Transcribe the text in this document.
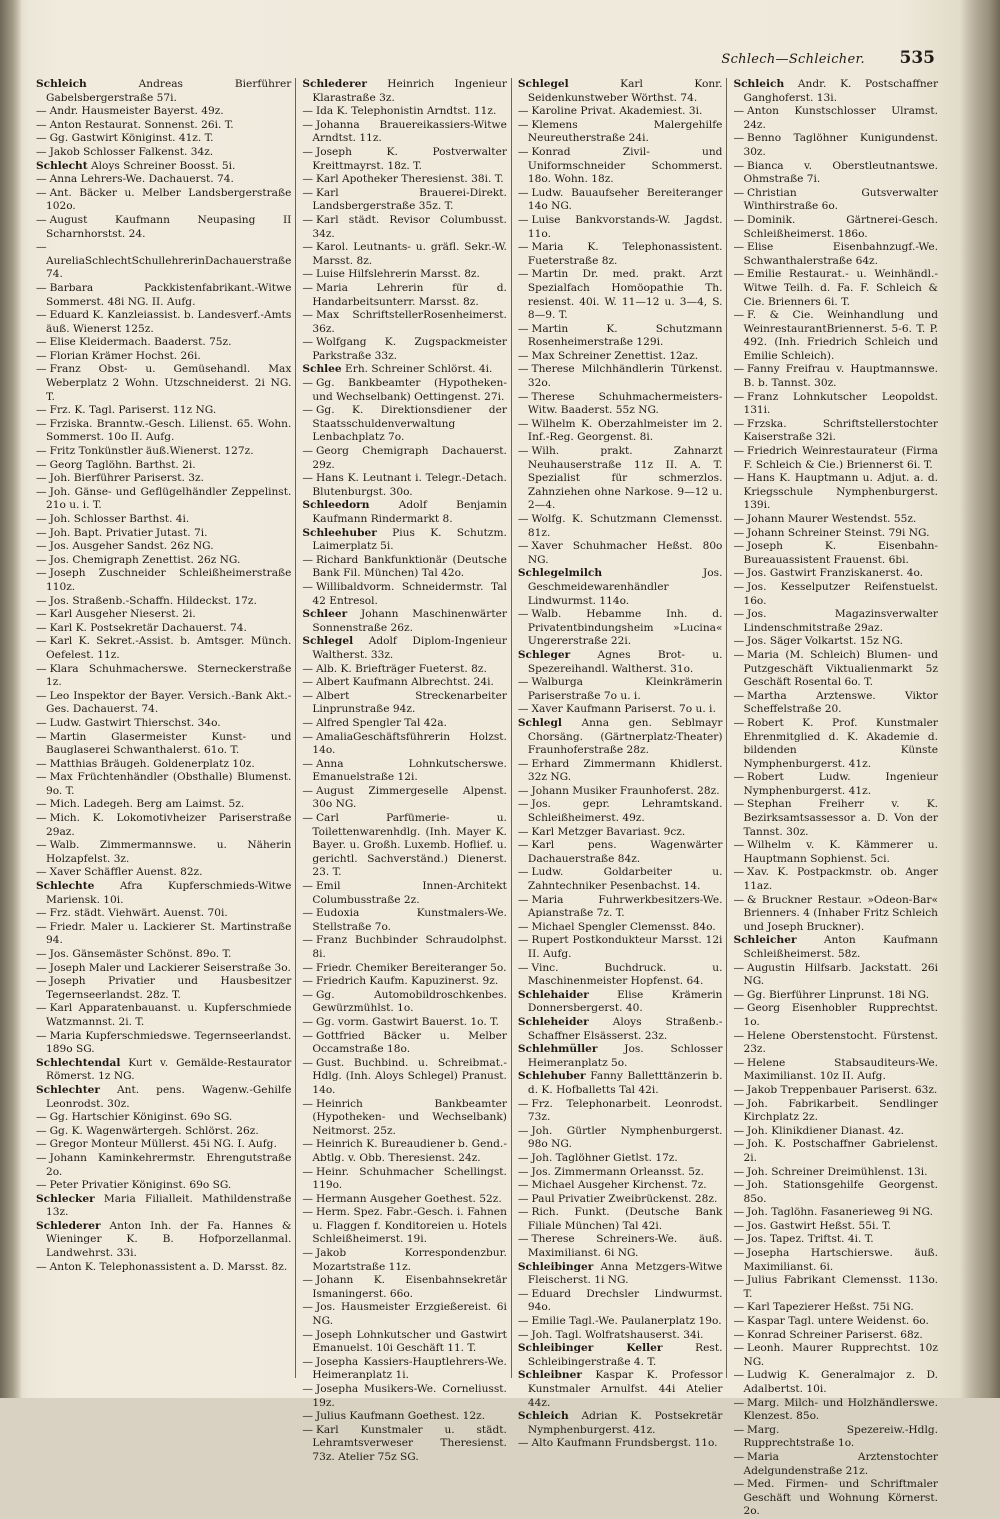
Schlech—Schleicher. 535

Schleich	Andreas Bierführer Gabelsbergerstraße 57i.

— Andr. Hausmeister Bayerst. 49z.

— Anton Restaurat. Sonnenst. 26i. T.

— Gg. Gastwirt Königinst. 41z. T.

— Jakob Schlosser Falkenst. 34z.

Schlecht Aloys Schreiner Boosst. 5i.

— Anna Lehrers-We. Dachauerst. 74.

— Ant. Bäcker u. Melber Landsbergerstraße 102o.

— August Kaufmann Neupasing II Scharnhorstst. 24.

—AureliaSchlechtSchullehrerinDachauerstraße 74.

— Barbara Packkistenfabrikant.-Witwe Sommerst. 48i NG. II. Aufg.

— Eduard K. Kanzleiassist. b. Landesverf.-Amts äuß. Wienerst 125z.

— Elise Kleidermach. Baaderst. 75z.

— Florian Krämer Hochst. 26i.

— Franz Obst- u. Gemüsehandl. Max Weberplatz 2 Wohn. Utzschneiderst. 2i NG. T.

— Frz. K. Tagl. Pariserst. 11z NG.

— Frziska. Branntw.-Gesch. Lilienst. 65. Wohn. Sommerst. 10o II. Aufg.

— Fritz Tonkünstler äuß.Wienerst. 127z.

— Georg Taglöhn. Barthst. 2i.

— Joh. Bierführer Pariserst. 3z.

— Joh. Gänse- und Geflügelhändler Zeppelinst. 21o u. i. T.

— Joh. Schlosser Barthst. 4i.

— Joh. Bapt. Privatier Jutast. 7i.

— Jos. Ausgeher Sandst. 26z NG.

— Jos. Chemigraph Zenettist. 26z NG.

— Joseph Zuschneider Schleißheimerstraße 110z.

— Jos. Straßenb.-Schaffn. Hildeckst. 17z.

— Karl Ausgeher Nieserst. 2i.

— Karl K. Postsekretär Dachauerst. 74.

— Karl K. Sekret.-Assist. b. Amtsger. Münch. Oefelest. 11z.

— Klara Schuhmacherswe. Sterneckerstraße 1z.

— Leo Inspektor der Bayer. Versich.-Bank Akt.-Ges. Dachauerst. 74.

— Ludw. Gastwirt Thierschst. 34o.

— Martin Glasermeister Kunst- und Bauglaserei Schwanthalerst. 61o. T.

— Matthias Bräugeh. Goldenerplatz 10z.

— Max Früchtenhändler (Obsthalle) Blumenst. 9o. T.

— Mich. Ladegeh. Berg am Laimst. 5z.

— Mich. K. Lokomotivheizer Pariserstraße 29az.

— Walb. Zimmermannswe. u. Näherin Holzapfelst. 3z.

— Xaver Schäffler Auenst. 82z.

Schlechte Afra Kupferschmieds-Witwe Mariensk. 10i.

— Frz. städt. Viehwärt. Auenst. 70i.

— Friedr. Maler u. Lackierer St. Martinstraße 94.

— Jos. Gänsemäster Schönst. 89o. T.

— Joseph Maler und Lackierer Seiserstraße 3o.

— Joseph Privatier und Hausbesitzer Tegernseerlandst. 28z. T.

— Karl Apparatenbauanst. u. Kupferschmiede Watzmannst. 2i. T.

— Maria Kupferschmiedswe. Tegernseerlandst. 189o SG.

Schlechtendal Kurt v. Gemälde-Restaurator Römerst. 1z NG.

Schlechter Ant. pens. Wagenw.-Gehilfe Leonrodst. 30z.

— Gg. Hartschier Königinst. 69o SG.

— Gg. K. Wagenwärtergeh. Schlörst. 26z.

— Gregor Monteur Müllerst. 45i NG. I. Aufg.

— Johann Kaminkehrermstr. Ehrengutstraße 2o.

— Peter Privatier Königinst. 69o SG.

Schlecker Maria Filialleit. Mathildenstraße 13z.

Schlederer Anton Inh. der Fa. Hannes & Wieninger K. B. Hofporzellanmal. Landwehrst. 33i.

— Anton K. Telephonassistent a. D. Marsst. 8z.

Schlederer Heinrich Ingenieur Klarastraße 3z.

— Ida K. Telephonistin Arndtst. 11z.

— Johanna Brauereikassiers-Witwe Arndtst. 11z.

— Joseph K. Postverwalter Kreittmayrst. 18z. T.

— Karl Apotheker Theresienst. 38i. T.

— Karl Brauerei-Direkt. Landsbergerstraße 35z. T.

— Karl städt. Revisor Columbusst. 34z.

— Karol. Leutnants- u. gräfl. Sekr.-W. Marsst. 8z.

— Luise Hilfslehrerin Marsst. 8z.

— Maria Lehrerin für d. Handarbeitsunterr. Marsst. 8z.

— Max SchriftstellerRosenheimerst. 36z.

— Wolfgang K. Zugspackmeister Parkstraße 33z.

Schlee Erh. Schreiner Schlörst. 4i.

— Gg. Bankbeamter (Hypotheken- und Wechselbank) Oettingenst. 27i.

— Gg. K. Direktionsdiener der Staatsschuldenverwaltung Lenbachplatz 7o.

— Georg Chemigraph Dachauerst. 29z.

— Hans K. Leutnant i. Telegr.-Detach. Blutenburgst. 30o.

Schleedorn	Adolf Benjamin Kaufmann Rindermarkt 8.

Schleehuber Pius K. Schutzm. Laimerplatz 5i.

— Richard Bankfunktionär (Deutsche Bank Fil. München) Tal 42o.

— Willibaldvorm. Schneidermstr. Tal 42 Entresol.

Schleer Johann Maschinenwärter Sonnenstraße 26z.

Schlegel Adolf Diplom-Ingenieur Waltherst. 33z.

— Alb. K. Briefträger Fueterst. 8z.

— Albert Kaufmann Albrechtst. 24i.

— Albert Streckenarbeiter Linprunstraße 94z.

— Alfred Spengler Tal 42a.

— AmaliaGeschäftsführerin Holzst. 14o.

— Anna Lohnkutscherswe. Emanuelstraße 12i.

— August Zimmergeselle Alpenst. 30o NG.

— Carl Parfümerie- u. Toilettenwarenhdlg. (Inh. Mayer K. Bayer. u. Großh. Luxemb. Hoflief. u. gerichtl. Sachverständ.) Dienerst. 23. T.

— Emil Innen-Architekt Columbusstraße 2z.

— Eudoxia Kunstmalers-We. Stellstraße 7o.

— Franz Buchbinder Schraudolphst. 8i.

— Friedr. Chemiker Bereiteranger 5o.

— Friedrich Kaufm. Kapuzinerst. 9z.

— Gg. Automobildroschkenbes. Gewürzmühlst. 1o.

— Gg. vorm. Gastwirt Bauerst. 1o. T.

— Gottfried Bäcker u. Melber Occamstraße 18o.

— Gust. Buchbind. u. Schreibmat.-Hdlg. (Inh. Aloys Schlegel) Pranust. 14o.

— Heinrich Bankbeamter (Hypotheken- und Wechselbank) Neitmorst. 25z.

— Heinrich K. Bureaudiener b. Gend.-Abtlg. v. Obb. Theresienst. 24z.

— Heinr. Schuhmacher Schellingst. 119o.

— Hermann Ausgeher Goethest. 52z.

— Herm. Spez. Fabr.-Gesch. i. Fahnen u. Flaggen f. Konditoreien u. Hotels Schleißheimerst. 19i.

— Jakob Korrespondenzbur. Mozartstraße 11z.

— Johann K. Eisenbahnsekretär Ismaningerst. 66o.

— Jos. Hausmeister Erzgießereist. 6i NG.

— Joseph Lohnkutscher und Gastwirt Emanuelst. 10i Geschäft 11. T.

— Josepha Kassiers-Hauptlehrers-We. Heimeranplatz 1i.

— Josepha Musikers-We. Corneliusst. 19z.

— Julius Kaufmann Goethest. 12z.

— Karl Kunstmaler u. städt. Lehramtsverweser Theresienst. 73z. Atelier 75z SG.

Schlegel	Karl Konr. Seidenkunstweber Wörthst. 74.

— Karoline Privat. Akademiest. 3i.

— Klemens Malergehilfe Neureutherstraße 24i.

— Konrad Zivil- und Uniformschneider Schommerst. 18o. Wohn. 18z.

— Ludw. Bauaufseher Bereiteranger 14o NG.

— Luise Bankvorstands-W. Jagdst. 11o.

— Maria K. Telephonassistent. Fueterstraße 8z.

— Martin Dr. med. prakt. Arzt Spezialfach Homöopathie Th. resienst. 40i. W. 11—12 u. 3—4, S. 8—9. T.

— Martin K. Schutzmann Rosenheimerstraße 129i.

— Max Schreiner Zenettist. 12az.

— Therese Milchhändlerin Türkenst. 32o.

— Therese Schuhmachermeisters-Witw. Baaderst. 55z NG.

— Wilhelm K. Oberzahlmeister im 2. Inf.-Reg. Georgenst. 8i.

— Wilh. prakt. Zahnarzt Neuhauserstraße 11z II. A. T. Spezialist für schmerzlos. Zahnziehen ohne Narkose. 9—12 u. 2—4.

— Wolfg. K. Schutzmann Clemensst. 81z.

— Xaver Schuhmacher Heßst. 80o NG.

Schlegelmilch	Jos. Geschmeidewarenhändler Lindwurmst. 114o.

— Walb. Hebamme Inh. d. Privatentbindungsheim »Lucina« Ungererstraße 22i.

Schleger	Agnes Brot- u. Spezereihandl. Waltherst. 31o.

— Walburga Kleinkrämerin Pariserstraße 7o u. i.

— Xaver Kaufmann Pariserst. 7o u. i.

Schlegl Anna gen. Seblmayr Chorsäng. (Gärtnerplatz-Theater) Fraunhoferstraße 28z.

— Erhard Zimmermann Khidlerst. 32z NG.

— Johann Musiker Fraunhoferst. 28z.

— Jos. gepr. Lehramtskand. Schleißheimerst. 49z.

— Karl Metzger Bavariast. 9cz.

— Karl pens. Wagenwärter Dachauerstraße 84z.

— Ludw. Goldarbeiter u. Zahntechniker Pesenbachst. 14.

— Maria Fuhrwerkbesitzers-We. Apianstraße 7z. T.

— Michael Spengler Clemensst. 84o.

— Rupert Postkondukteur Marsst. 12i II. Aufg.

— Vinc. Buchdruck. u. Maschinenmeister Hopfenst. 64.

Schlehaider	Elise Krämerin Donnersbergerst. 40.

Schleheider Aloys Straßenb.-Schaffner Elsässerst. 23z.

Schlehmüller	Jos. Schlosser Heimeranplatz 5o.

Schlehuber Fanny Balletttänzerin b. d. K. Hofballetts Tal 42i.

— Frz. Telephonarbeit. Leonrodst. 73z.

— Joh. Gürtler Nymphenburgerst. 98o NG.

— Joh. Taglöhner Gietlst. 17z.

— Jos. Zimmermann Orleansst. 5z.

— Michael Ausgeher Kirchenst. 7z.

— Paul Privatier Zweibrückenst. 28z.

— Rich. Funkt. (Deutsche Bank Filiale München) Tal 42i.

— Therese Schreiners-We. äuß. Maximilianst. 6i NG.

Schleibinger Anna Metzgers-Witwe Fleischerst. 1i NG.

— Eduard Drechsler Lindwurmst. 94o.

— Emilie Tagl.-We. Paulanerplatz 19o.

— Joh. Tagl. Wolfratshauserst. 34i.

Schleibinger Keller	Rest. Schleibingerstraße 4. T.

Schleibner Kaspar K. Professor Kunstmaler Arnulfst. 44i Atelier 44z.

Schleich Adrian K. Postsekretär Nymphenburgerst. 41z.

— Alto Kaufmann Frundsbergst. 11o.

Schleich Andr. K. Postschaffner Ganghoferst. 13i.

— Anton Kunstschlosser Ulramst. 24z.

— Benno Taglöhner Kunigundenst. 30z.

— Bianca v. Oberstleutnantswe. Ohmstraße 7i.

— Christian Gutsverwalter Winthirstraße 6o.

— Dominik. Gärtnerei-Gesch. Schleißheimerst. 186o.

— Elise Eisenbahnzugf.-We. Schwanthalerstraße 64z.

— Emilie Restaurat.- u. Weinhändl.-Witwe Teilh. d. Fa. F. Schleich & Cie. Brienners 6i. T.

— F. & Cie. Weinhandlung und WeinrestaurantBriennerst. 5-6. T. P. 492. (Inh. Friedrich Schleich und Emilie Schleich).

— Fanny Freifrau v. Hauptmannswe. B. b. Tannst. 30z.

— Franz Lohnkutscher Leopoldst. 131i.

— Frzska. Schriftstellerstochter Kaiserstraße 32i.

— Friedrich Weinrestaurateur (Firma F. Schleich & Cie.) Briennerst 6i. T.

— Hans K. Hauptmann u. Adjut. a. d. Kriegsschule Nymphenburgerst. 139i.

— Johann Maurer Westendst. 55z.

— Johann Schreiner Steinst. 79i NG.

— Joseph K. Eisenbahn-Bureauassistent Frauenst. 6bi.

— Jos. Gastwirt Franziskanerst. 4o.

— Jos. Kesselputzer Reifenstuelst. 16o.

— Jos. Magazinsverwalter Lindenschmitstraße 29az.

— Jos. Säger Volkartst. 15z NG.

— Maria (M. Schleich) Blumen- und Putzgeschäft Viktualienmarkt 5z Geschäft Rosental 6o. T.

— Martha Arztenswe. Viktor Scheffelstraße 20.

— Robert K. Prof. Kunstmaler Ehrenmitglied d. K. Akademie d. bildenden Künste Nymphenburgerst. 41z.

— Robert Ludw. Ingenieur Nymphenburgerst. 41z.

— Stephan Freiherr v. K. Bezirksamtsassessor a. D. Von der Tannst. 30z.

— Wilhelm v. K. Kämmerer u. Hauptmann Sophienst. 5ci.

— Xav. K. Postpackmstr. ob. Anger 11az.

— & Bruckner Restaur. »Odeon-Bar« Brienners. 4 (Inhaber Fritz Schleich und Joseph Bruckner).

Schleicher	Anton Kaufmann Schleißheimerst. 58z.

— Augustin Hilfsarb. Jackstatt. 26i NG.

— Gg. Bierführer Linprunst. 18i NG.

— Georg Eisenhobler Rupprechtst. 1o.

— Helene Oberstenstocht. Fürstenst. 23z.

— Helene Stabsauditeurs-We. Maximilianst. 10z II. Aufg.

— Jakob Treppenbauer Pariserst. 63z.

— Joh. Fabrikarbeit. Sendlinger Kirchplatz 2z.

— Joh. Klinikdiener Dianast. 4z.

— Joh. K. Postschaffner Gabrielenst. 2i.

— Joh. Schreiner Dreimühlenst. 13i.

— Joh. Stationsgehilfe Georgenst. 85o.

— Joh. Taglöhn. Fasanerieweg 9i NG.

— Jos. Gastwirt Heßst. 55i. T.

— Jos. Tapez. Triftst. 4i. T.

— Josepha Hartschierswe. äuß. Maximilianst. 6i.

— Julius Fabrikant Clemensst. 113o. T.

— Karl Tapezierer Heßst. 75i NG.

— Kaspar Tagl. untere Weidenst. 6o.

— Konrad Schreiner Pariserst. 68z.

— Leonh. Maurer Rupprechtst. 10z NG.

— Ludwig K. Generalmajor z. D. Adalbertst. 10i.

— Marg. Milch- und Holzhändlerswe. Klenzest. 85o.

— Marg. Spezereiw.-Hdlg. Rupprechtstraße 1o.

— Maria Arztenstochter Adelgundenstraße 21z.

— Med. Firmen- und Schriftmaler Geschäft und Wohnung Körnerst. 2o.
